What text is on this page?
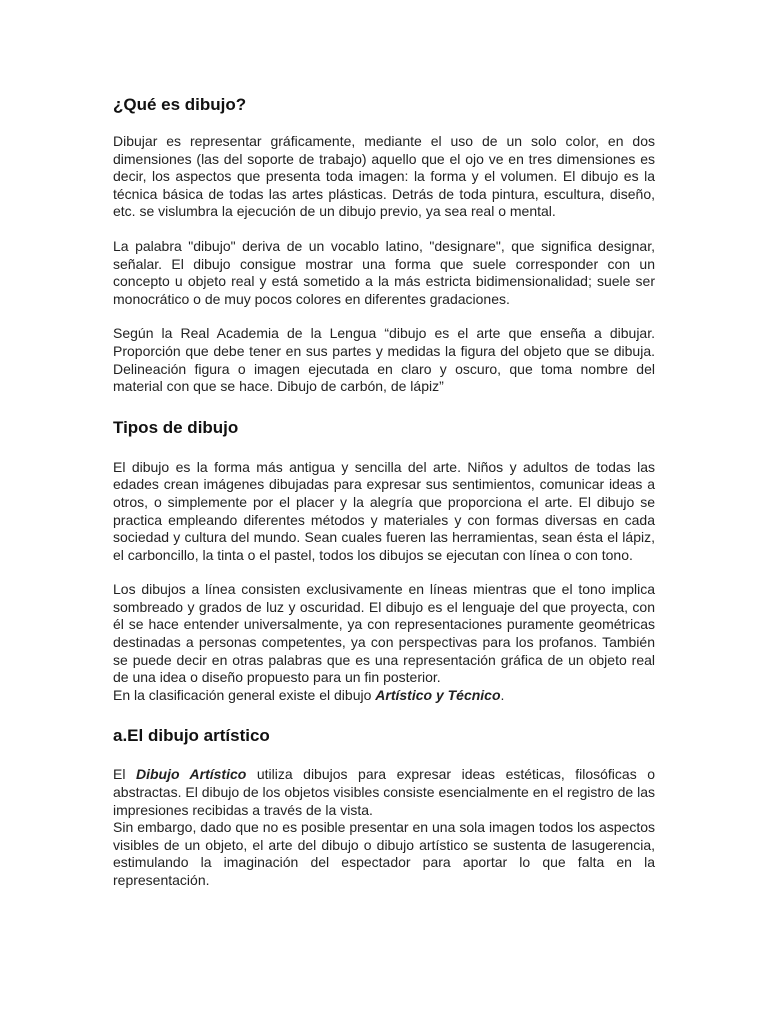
¿Qué es dibujo?

Dibujar es representar gráficamente, mediante el uso de un solo color, en dos dimensiones (las del soporte de trabajo) aquello que el ojo ve en tres dimensiones es decir, los aspectos que presenta toda imagen: la forma y el volumen. El dibujo es la técnica básica de todas las artes plásticas. Detrás de toda pintura, escultura, diseño, etc. se vislumbra la ejecución de un dibujo previo, ya sea real o mental.

La palabra "dibujo" deriva de un vocablo latino, "designare", que significa designar, señalar. El dibujo consigue mostrar una forma que suele corresponder con un concepto u objeto real y está sometido a la más estricta bidimensionalidad; suele ser monocrático o de muy pocos colores en diferentes gradaciones.

Según la Real Academia de la Lengua “dibujo es el arte que enseña a dibujar. Proporción que debe tener en sus partes y medidas la figura del objeto que se dibuja. Delineación figura o imagen ejecutada en claro y oscuro, que toma nombre del material con que se hace. Dibujo de carbón, de lápiz”

Tipos de dibujo

El dibujo es la forma más antigua y sencilla del arte. Niños y adultos de todas las edades crean imágenes dibujadas para expresar sus sentimientos, comunicar ideas a otros, o simplemente por el placer y la alegría que proporciona el arte. El dibujo se practica empleando diferentes métodos y materiales y con formas diversas en cada sociedad y cultura del mundo. Sean cuales fueren las herramientas, sean ésta el lápiz, el carboncillo, la tinta o el pastel, todos los dibujos se ejecutan con línea o con tono.

Los dibujos a línea consisten exclusivamente en líneas mientras que el tono implica sombreado y grados de luz y oscuridad. El dibujo es el lenguaje del que proyecta, con él se hace entender universalmente, ya con representaciones puramente geométricas destinadas a personas competentes, ya con perspectivas para los profanos. También se puede decir en otras palabras que es una representación gráfica de un objeto real de una idea o diseño propuesto para un fin posterior.

En la clasificación general existe el dibujo Artístico y Técnico.

a.El dibujo artístico

El Dibujo Artístico utiliza dibujos para expresar ideas estéticas, filosóficas o abstractas. El dibujo de los objetos visibles consiste esencialmente en el registro de las impresiones recibidas a través de la vista.

Sin embargo, dado que no es posible presentar en una sola imagen todos los aspectos visibles de un objeto, el arte del dibujo o dibujo artístico se sustenta de lasugerencia, estimulando la imaginación del espectador para aportar lo que falta en la representación.
